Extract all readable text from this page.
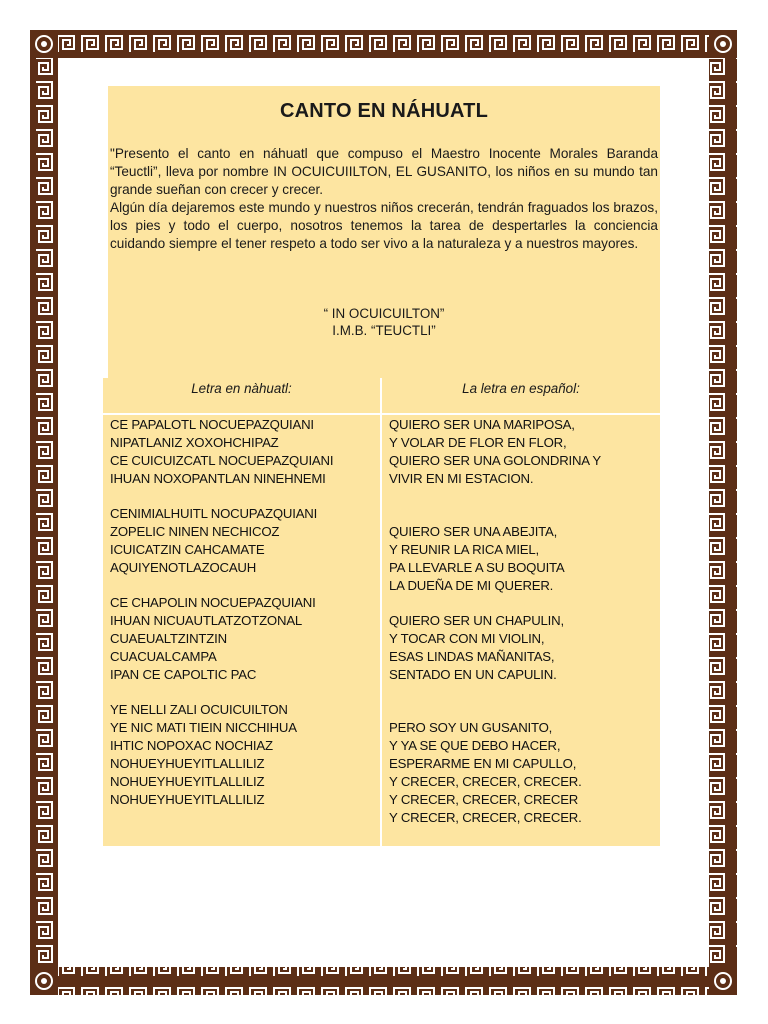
CANTO EN NÁHUATL

"Presento el canto en náhuatl que compuso el Maestro Inocente Morales Baranda “Teuctli”, lleva por nombre IN OCUICUIILTON, EL GUSANITO, los niños en su mundo tan grande sueñan con crecer y crecer.

Algún día dejaremos este mundo y nuestros niños crecerán, tendrán fraguados los brazos, los pies y todo el cuerpo, nosotros tenemos la tarea de despertarles la conciencia cuidando siempre el tener respeto a todo ser vivo a la naturaleza y a nuestros mayores.

“ IN OCUICUILTON”
I.M.B. “TEUCTLI”
Letra en nàhuatl:	La letra en español:
CE PAPALOTL NOCUEPAZQUIANI
NIPATLANIZ XOXOHCHIPAZ
CE CUICUIZCATL NOCUEPAZQUIANI
IHUAN NOXOPANTLAN NINEHNEMI
CENIMIALHUITL NOCUPAZQUIANI
ZOPELIC NINEN NECHICOZ
ICUICATZIN CAHCAMATE
AQUIYENOTLAZOCAUH
CE CHAPOLIN NOCUEPAZQUIANI
IHUAN NICUAUTLATZOTZONAL
CUAEUALTZINTZIN
CUACUALCAMPA
IPAN CE CAPOLTIC PAC
YE NELLI ZALI OCUICUILTON
YE NIC MATI TIEIN NICCHIHUA
IHTIC NOPOXAC NOCHIAZ
NOHUEYHUEYITLALLILIZ
NOHUEYHUEYITLALLILIZ
NOHUEYHUEYITLALLILIZ
QUIERO SER UNA MARIPOSA,
Y VOLAR DE FLOR EN FLOR,
QUIERO SER UNA GOLONDRINA Y
VIVIR EN MI ESTACION.
QUIERO SER UNA ABEJITA,
Y REUNIR LA RICA MIEL,
PA LLEVARLE A SU BOQUITA
LA DUEÑA DE MI QUERER.
QUIERO SER UN CHAPULIN,
Y TOCAR CON MI VIOLIN,
ESAS LINDAS MAÑANITAS,
SENTADO EN UN CAPULIN.
PERO SOY UN GUSANITO,
Y YA SE QUE DEBO HACER,
ESPERARME EN MI CAPULLO,
Y CRECER, CRECER, CRECER.
Y CRECER, CRECER, CRECER
Y CRECER, CRECER, CRECER.
